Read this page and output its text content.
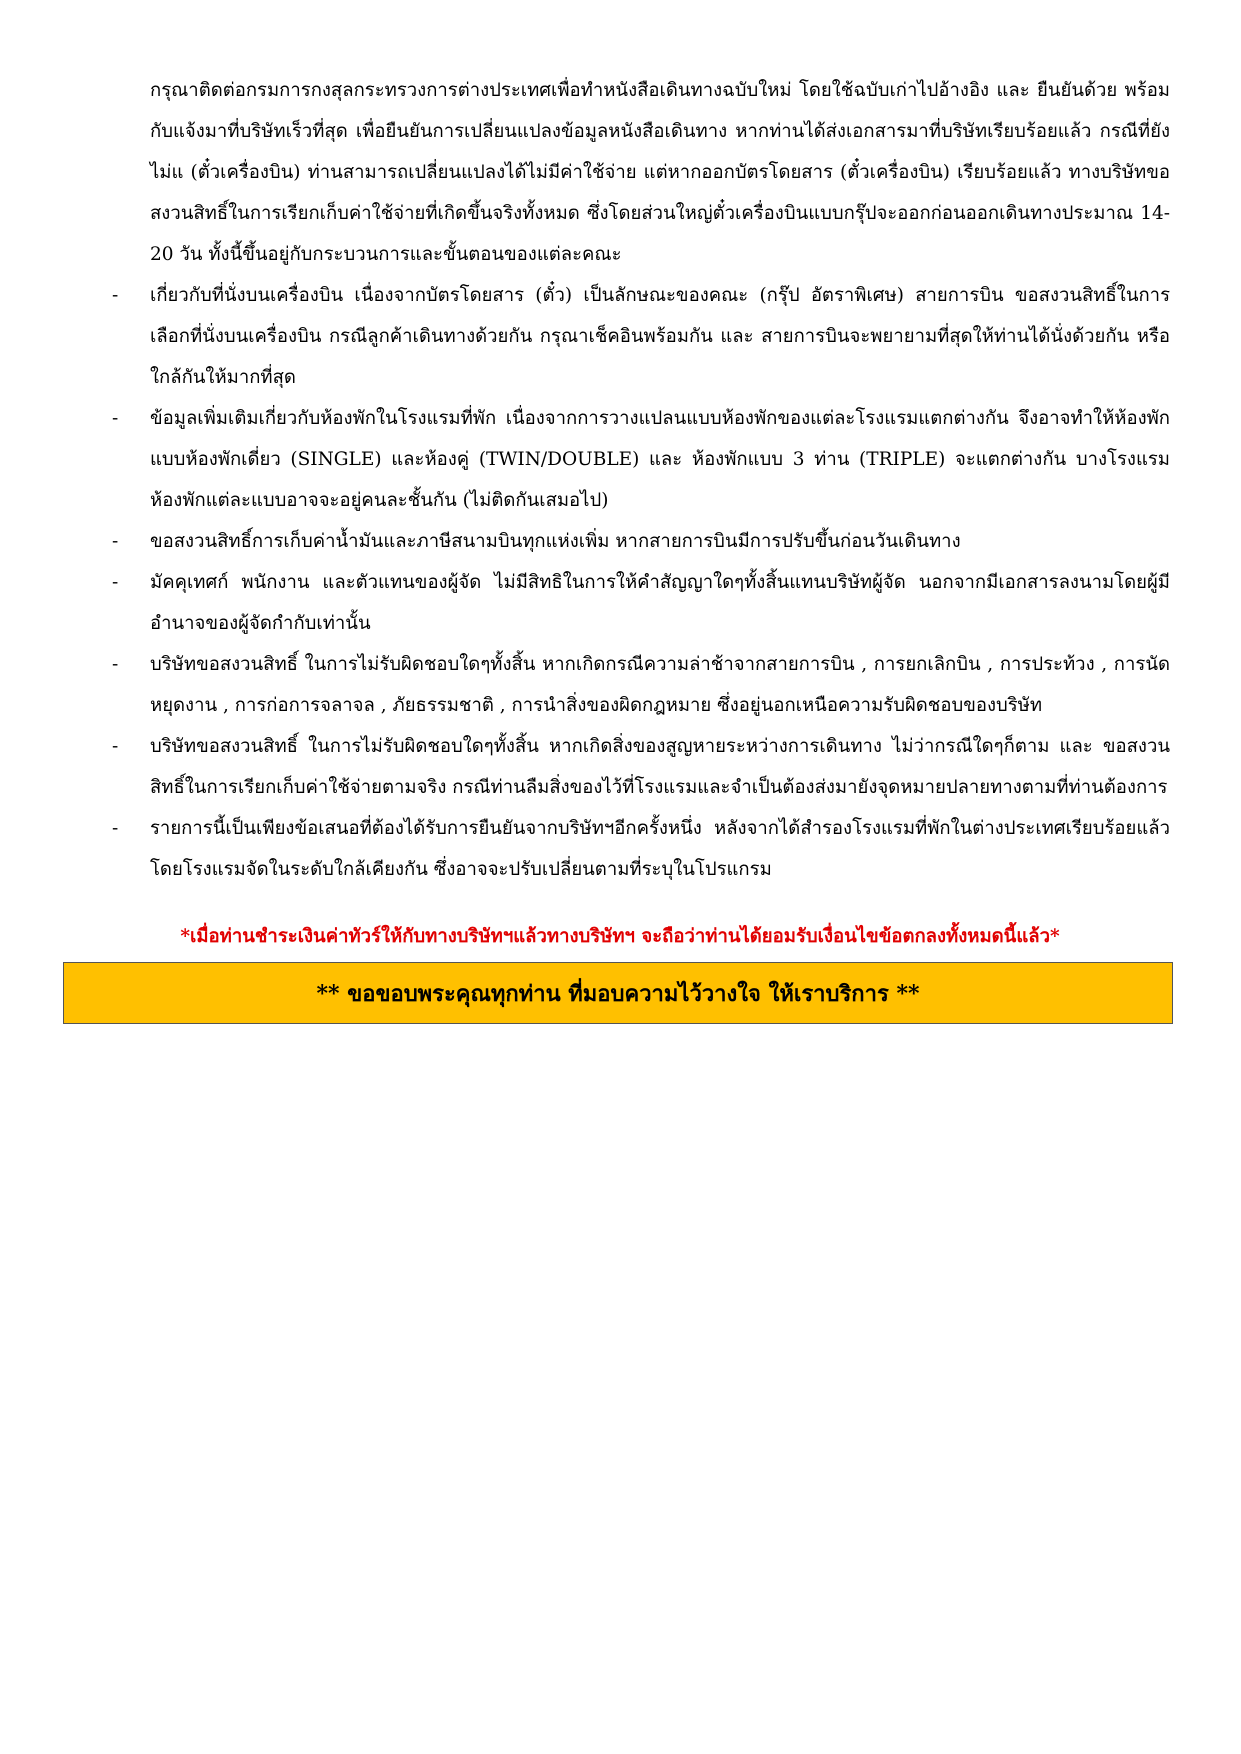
กรุณาติดต่อกรมการกงสุลกระทรวงการต่างประเทศเพื่อทำหนังสือเดินทางฉบับใหม่ โดยใช้ฉบับเก่าไปอ้างอิง และ ยืนยันด้วย พร้อมกับแจ้งมาที่บริษัทเร็วที่สุด เพื่อยืนยันการเปลี่ยนแปลงข้อมูลหนังสือเดินทาง หากท่านได้ส่งเอกสารมาที่บริษัทเรียบร้อยแล้ว กรณีที่ยังไม่แ (ตั๋วเครื่องบิน) ท่านสามารถเปลี่ยนแปลงได้ไม่มีค่าใช้จ่าย แต่หากออกบัตรโดยสาร (ตั๋วเครื่องบิน) เรียบร้อยแล้ว ทางบริษัทขอสงวนสิทธิ์ในการเรียกเก็บค่าใช้จ่ายที่เกิดขึ้นจริงทั้งหมด ซึ่งโดยส่วนใหญ่ตั๋วเครื่องบินแบบกรุ๊ปจะออกก่อนออกเดินทางประมาณ 14-20 วัน ทั้งนี้ขึ้นอยู่กับกระบวนการและขั้นตอนของแต่ละคณะ
-	เกี่ยวกับที่นั่งบนเครื่องบิน เนื่องจากบัตรโดยสาร (ตั๋ว) เป็นลักษณะของคณะ (กรุ๊ป อัตราพิเศษ) สายการบิน ขอสงวนสิทธิ์ในการเลือกที่นั่งบนเครื่องบิน กรณีลูกค้าเดินทางด้วยกัน กรุณาเช็คอินพร้อมกัน และ สายการบินจะพยายามที่สุดให้ท่านได้นั่งด้วยกัน หรือ ใกล้กันให้มากที่สุด
-	ข้อมูลเพิ่มเติมเกี่ยวกับห้องพักในโรงแรมที่พัก เนื่องจากการวางแปลนแบบห้องพักของแต่ละโรงแรมแตกต่างกัน จึงอาจทำให้ห้องพักแบบห้องพักเดี่ยว (SINGLE) และห้องคู่ (TWIN/DOUBLE) และ ห้องพักแบบ 3 ท่าน (TRIPLE) จะแตกต่างกัน บางโรงแรม ห้องพักแต่ละแบบอาจจะอยู่คนละชั้นกัน (ไม่ติดกันเสมอไป)
-	ขอสงวนสิทธิ์การเก็บค่าน้ำมันและภาษีสนามบินทุกแห่งเพิ่ม หากสายการบินมีการปรับขึ้นก่อนวันเดินทาง
-	มัคคุเทศก์ พนักงาน และตัวแทนของผู้จัด ไม่มีสิทธิในการให้คำสัญญาใดๆทั้งสิ้นแทนบริษัทผู้จัด นอกจากมีเอกสารลงนามโดยผู้มีอำนาจของผู้จัดกำกับเท่านั้น
-	บริษัทขอสงวนสิทธิ์ ในการไม่รับผิดชอบใดๆทั้งสิ้น หากเกิดกรณีความล่าช้าจากสายการบิน , การยกเลิกบิน , การประท้วง , การนัดหยุดงาน , การก่อการจลาจล , ภัยธรรมชาติ , การนำสิ่งของผิดกฎหมาย ซึ่งอยู่นอกเหนือความรับผิดชอบของบริษัท
-	บริษัทขอสงวนสิทธิ์ ในการไม่รับผิดชอบใดๆทั้งสิ้น หากเกิดสิ่งของสูญหายระหว่างการเดินทาง ไม่ว่ากรณีใดๆก็ตาม และ ขอสงวนสิทธิ์ในการเรียกเก็บค่าใช้จ่ายตามจริง กรณีท่านลืมสิ่งของไว้ที่โรงแรมและจำเป็นต้องส่งมายังจุดหมายปลายทางตามที่ท่านต้องการ
-	รายการนี้เป็นเพียงข้อเสนอที่ต้องได้รับการยืนยันจากบริษัทฯอีกครั้งหนึ่ง หลังจากได้สำรองโรงแรมที่พักในต่างประเทศเรียบร้อยแล้ว โดยโรงแรมจัดในระดับใกล้เคียงกัน ซึ่งอาจจะปรับเปลี่ยนตามที่ระบุในโปรแกรม
*เมื่อท่านชำระเงินค่าทัวร์ให้กับทางบริษัทฯแล้วทางบริษัทฯ จะถือว่าท่านได้ยอมรับเงื่อนไขข้อตกลงทั้งหมดนี้แล้ว*
** ขอขอบพระคุณทุกท่าน ที่มอบความไว้วางใจ ให้เราบริการ **
